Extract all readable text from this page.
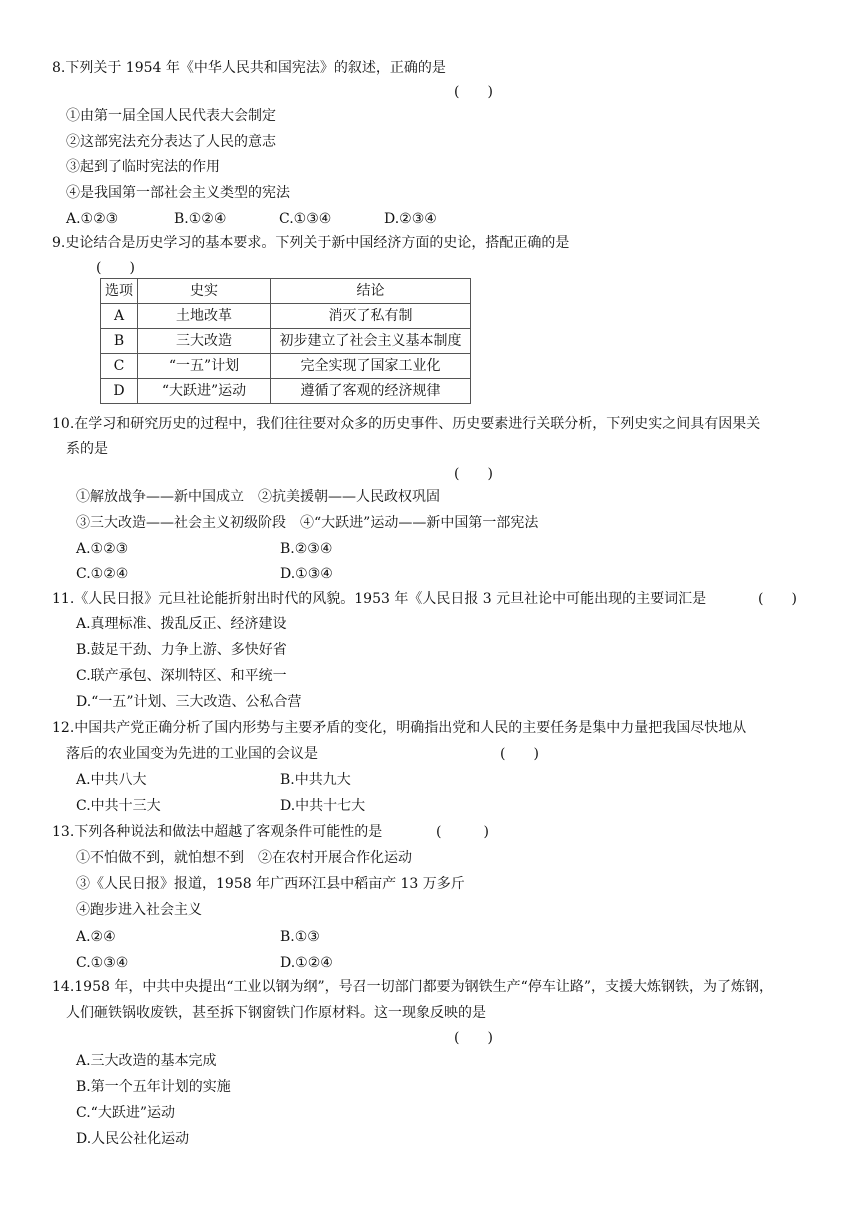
8.下列关于 1954 年《中华人民共和国宪法》的叙述，正确的是
(　　)
①由第一届全国人民代表大会制定
②这部宪法充分表达了人民的意志
③起到了临时宪法的作用
④是我国第一部社会主义类型的宪法
A.①②③	B.①②④	C.①③④	D.②③④
9.史论结合是历史学习的基本要求。下列关于新中国经济方面的史论，搭配正确的是
(　　)
选项	史实	结论
A	土地改革	消灭了私有制
B	三大改造	初步建立了社会主义基本制度
C	“一五”计划	完全实现了国家工业化
D	“大跃进”运动	遵循了客观的经济规律
10.在学习和研究历史的过程中，我们往往要对众多的历史事件、历史要素进行关联分析，下列史实之间具有因果关
系的是
(　　)
①解放战争——新中国成立　②抗美援朝——人民政权巩固
③三大改造——社会主义初级阶段　④“大跃进”运动——新中国第一部宪法
A.①②③	B.②③④
C.①②④	D.①③④
11.《人民日报》元旦社论能折射出时代的风貌。1953 年《人民日报 3 元旦社论中可能出现的主要词汇是	(　　)
A.真理标准、拨乱反正、经济建设
B.鼓足干劲、力争上游、多快好省
C.联产承包、深圳特区、和平统一
D.“一五”计划、三大改造、公私合营
12.中国共产党正确分析了国内形势与主要矛盾的变化，明确指出党和人民的主要任务是集中力量把我国尽快地从
落后的农业国变为先进的工业国的会议是	(　　)
A.中共八大	B.中共九大
C.中共十三大	D.中共十七大
13.下列各种说法和做法中超越了客观条件可能性的是	(　　　)
①不怕做不到，就怕想不到　②在农村开展合作化运动
③《人民日报》报道，1958 年广西环江县中稻亩产 13 万多斤
④跑步进入社会主义
A.②④	B.①③
C.①③④	D.①②④
14.1958 年，中共中央提出“工业以钢为纲”，号召一切部门都要为钢铁生产“停车让路”，支援大炼钢铁，为了炼钢，
人们砸铁锅收废铁，甚至拆下钢窗铁门作原材料。这一现象反映的是
(　　)
A.三大改造的基本完成
B.第一个五年计划的实施
C.“大跃进”运动
D.人民公社化运动
